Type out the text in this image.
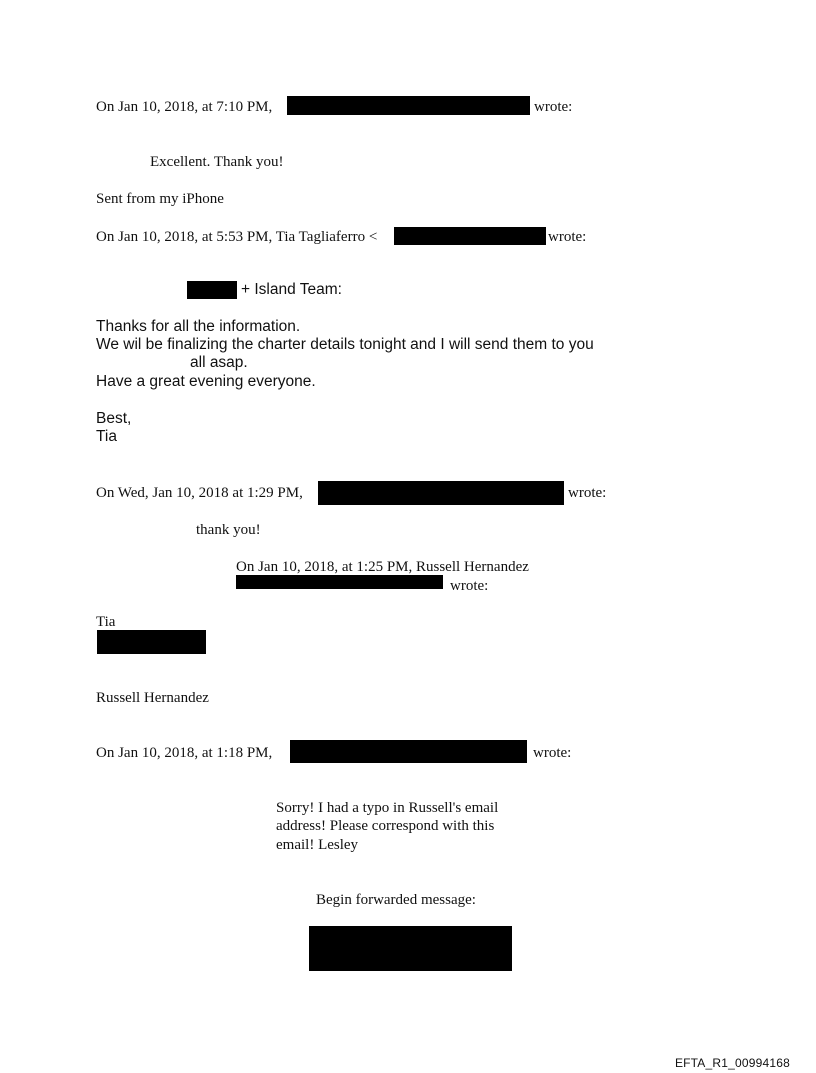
On Jan 10, 2018, at 7:10 PM,	wrote:
Excellent. Thank you!
Sent from my iPhone
On Jan 10, 2018, at 5:53 PM, Tia Tagliaferro <	wrote:
+ Island Team:
Thanks for all the information.
We wil be finalizing the charter details tonight and I will send them to you
all asap.
Have a great evening everyone.
Best,
Tia
On Wed, Jan 10, 2018 at 1:29 PM,	wrote:
thank you!
On Jan 10, 2018, at 1:25 PM, Russell Hernandez
wrote:
Tia
Russell Hernandez
On Jan 10, 2018, at 1:18 PM,	wrote:
Sorry! I had a typo in Russell's email
address! Please correspond with this
email! Lesley
Begin forwarded message:
EFTA_R1_00994168
